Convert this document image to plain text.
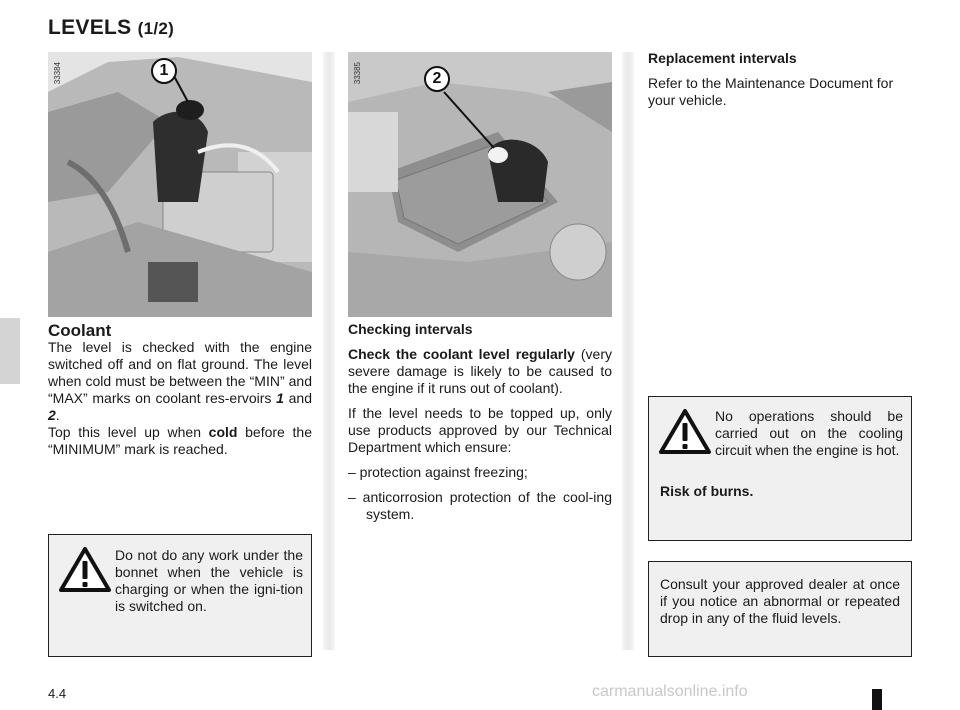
LEVELS (1/2)
33384	1	33385	2
Coolant

The level is checked with the engine switched off and on flat ground. The level when cold must be between the “MIN” and “MAX” marks on coolant res-ervoirs 1 and 2.

Top this level up when cold before the “MINIMUM” mark is reached.

Do not do any work under the bonnet when the vehicle is charging or when the igni-tion is switched on.

Checking intervals

Check the coolant level regularly (very severe damage is likely to be caused to the engine if it runs out of coolant).

If the level needs to be topped up, only use products approved by our Technical Department which ensure:

– protection against freezing;

– anticorrosion protection of the cool-ing system.

Replacement intervals

Refer to the Maintenance Document for your vehicle.

No operations should be carried out on the cooling circuit when the engine is hot.
Risk of burns.
Consult your approved dealer at once if you notice an abnormal or repeated drop in any of the fluid levels.
4.4	carmanualsonline.info
